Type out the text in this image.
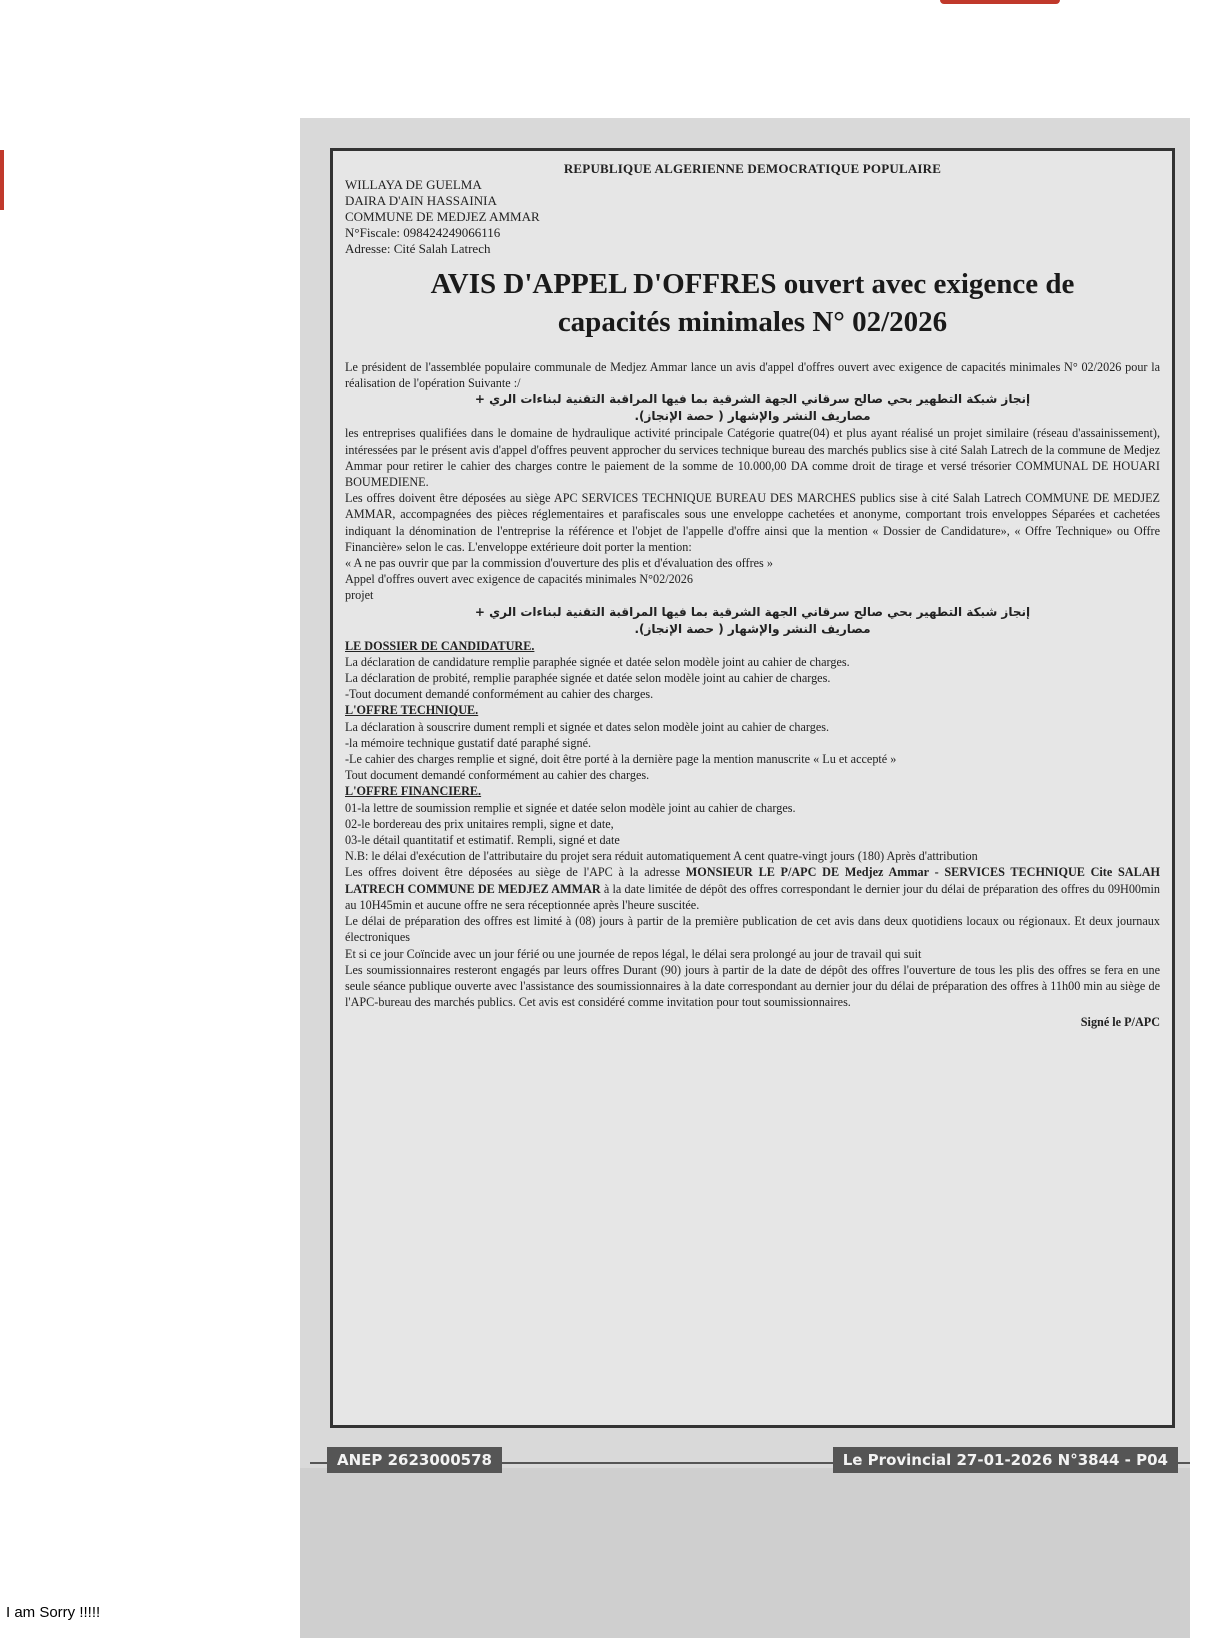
REPUBLIQUE ALGERIENNE DEMOCRATIQUE POPULAIRE
WILLAYA DE GUELMA
DAIRA D'AIN HASSAINIA
COMMUNE DE MEDJEZ AMMAR
N°Fiscale: 098424249066116
Adresse: Cité Salah Latrech
AVIS D'APPEL D'OFFRES ouvert avec exigence de
capacités minimales N° 02/2026

Le président de l'assemblée populaire communale de Medjez Ammar lance un avis d'appel d'offres ouvert avec exigence de capacités minimales N° 02/2026 pour la réalisation de l'opération Suivante :/

إنجاز شبكة التطهير بحي صالح سرقاني الجهة الشرقية بما فيها المراقبة التقنية لبناءات الري +
مصاريف النشر والإشهار ( حصة الإنجاز).

les entreprises qualifiées dans le domaine de hydraulique activité principale Catégorie quatre(04) et plus ayant réalisé un projet similaire (réseau d'assainissement), intéressées par le présent avis d'appel d'offres peuvent approcher du services technique bureau des marchés publics sise à cité Salah Latrech de la commune de Medjez Ammar pour retirer le cahier des charges contre le paiement de la somme de 10.000,00 DA comme droit de tirage et versé trésorier COMMUNAL DE HOUARI BOUMEDIENE.

Les offres doivent être déposées au siège APC SERVICES TECHNIQUE BUREAU DES MARCHES publics sise à cité Salah Latrech COMMUNE DE MEDJEZ AMMAR, accompagnées des pièces réglementaires et parafiscales sous une enveloppe cachetées et anonyme, comportant trois enveloppes Séparées et cachetées indiquant la dénomination de l'entreprise la référence et l'objet de l'appelle d'offre ainsi que la mention « Dossier de Candidature», « Offre Technique» ou Offre Financière» selon le cas. L'enveloppe extérieure doit porter la mention:

« A ne pas ouvrir que par la commission d'ouverture des plis et d'évaluation des offres »

Appel d'offres ouvert avec exigence de capacités minimales N°02/2026

projet

إنجاز شبكة التطهير بحي صالح سرقاني الجهة الشرقية بما فيها المراقبة التقنية لبناءات الري +
مصاريف النشر والإشهار ( حصة الإنجاز).

LE DOSSIER DE CANDIDATURE.

La déclaration de candidature remplie paraphée signée et datée selon modèle joint au cahier de charges.

La déclaration de probité, remplie paraphée signée et datée selon modèle joint au cahier de charges.

-Tout document demandé conformément au cahier des charges.

L'OFFRE TECHNIQUE.

La déclaration à souscrire dument rempli et signée et dates selon modèle joint au cahier de charges.

-la mémoire technique gustatif daté paraphé signé.

-Le cahier des charges remplie et signé, doit être porté à la dernière page la mention manuscrite « Lu et accepté »

Tout document demandé conformément au cahier des charges.

L'OFFRE FINANCIERE.

01-la lettre de soumission remplie et signée et datée selon modèle joint au cahier de charges.

02-le bordereau des prix unitaires rempli, signe et date,

03-le détail quantitatif et estimatif. Rempli, signé et date

N.B: le délai d'exécution de l'attributaire du projet sera réduit automatiquement A cent quatre-vingt jours (180) Après d'attribution

Les offres doivent être déposées au siège de l'APC à la adresse MONSIEUR LE P/APC DE Medjez Ammar - SERVICES TECHNIQUE Cite SALAH LATRECH COMMUNE DE MEDJEZ AMMAR à la date limitée de dépôt des offres correspondant le dernier jour du délai de préparation des offres du 09H00min au 10H45min et aucune offre ne sera réceptionnée après l'heure suscitée.

Le délai de préparation des offres est limité à (08) jours à partir de la première publication de cet avis dans deux quotidiens locaux ou régionaux. Et deux journaux électroniques

Et si ce jour Coïncide avec un jour férié ou une journée de repos légal, le délai sera prolongé au jour de travail qui suit

Les soumissionnaires resteront engagés par leurs offres Durant (90) jours à partir de la date de dépôt des offres l'ouverture de tous les plis des offres se fera en une seule séance publique ouverte avec l'assistance des soumissionnaires à la date correspondant au dernier jour du délai de préparation des offres à 11h00 min au siège de l'APC-bureau des marchés publics. Cet avis est considéré comme invitation pour tout soumissionnaires.

Signé le P/APC
ANEP 2623000578	Le Provincial 27-01-2026 N°3844 - P04
I am Sorry !!!!!
